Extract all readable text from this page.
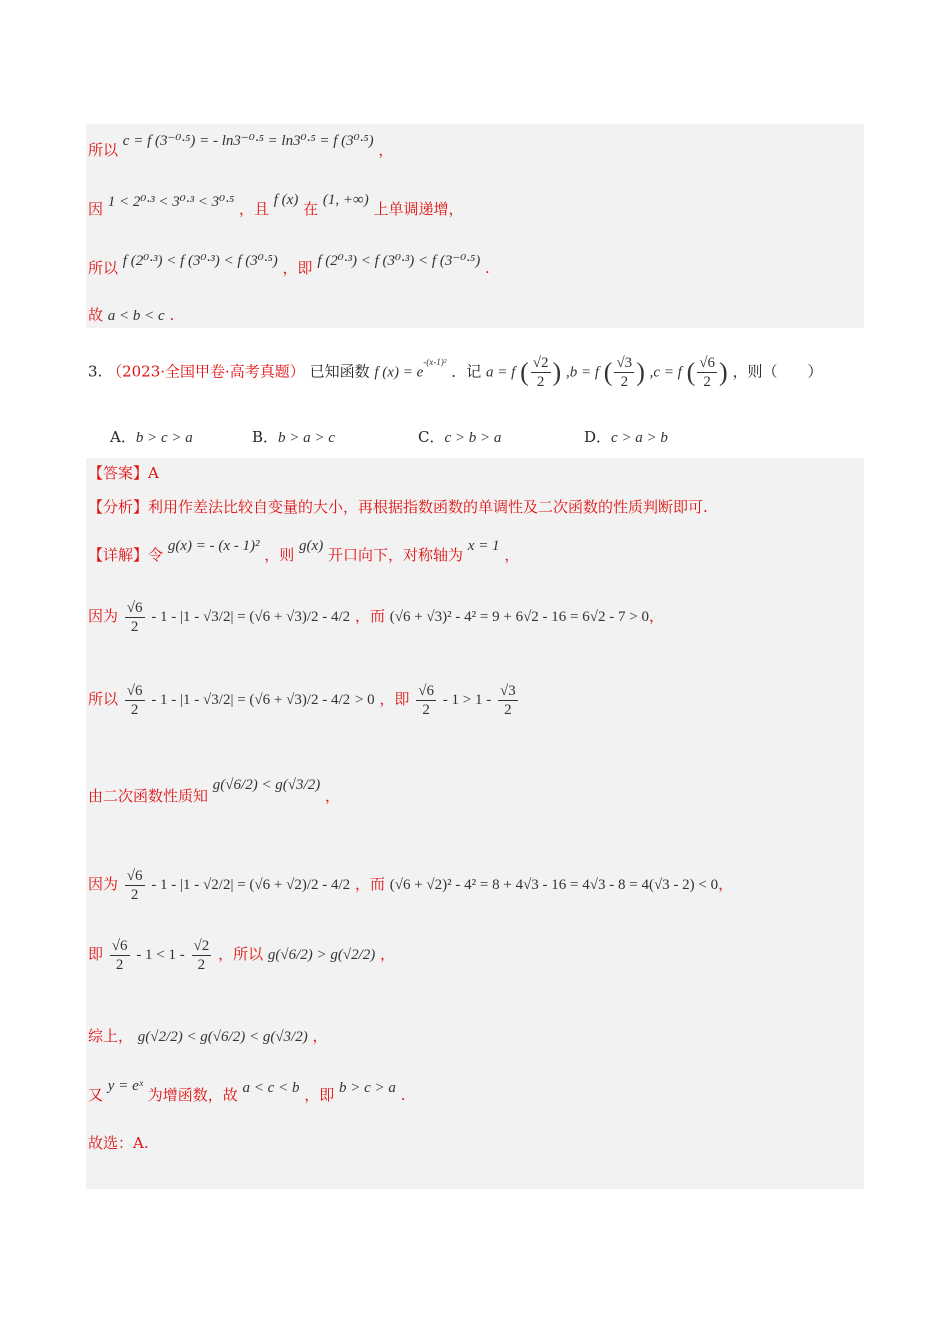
所以 c = f (3⁻⁰·⁵) = - ln3⁻⁰·⁵ = ln3⁰·⁵ = f (3⁰·⁵) ，
因 1 < 2⁰·³ < 3⁰·³ < 3⁰·⁵ ，且 f (x) 在 (1, +∞) 上单调递增，
所以 f (2⁰·³) < f (3⁰·³) < f (3⁰·⁵) ，即 f (2⁰·³) < f (3⁰·³) < f (3⁻⁰·⁵) .
故 a < b < c .
3. （2023·全国甲卷·高考真题） 已知函数 f $(x) = e^{-(x-1)^2}$ ．记 a = f ( $\frac{√2}{2}$ ) ,b = f ( $\frac{√3}{2}$ ) ,c = f ( $\frac{√6}{2}$ ) ，则（　　）
A．b > c > a	B．b > a > c	C．c > b > a	D．c > a > b
【答案】A
【分析】利用作差法比较自变量的大小，再根据指数函数的单调性及二次函数的性质判断即可.
【详解】令 g(x) = - (x - 1)² ，则 g(x) 开口向下，对称轴为 x = 1 ，
因为 $\frac{√6}{2} - 1 - |1 - √3/2| = (√6 + √3)/2 - 4/2$ ，而 (√6 + √3)² - 4² = 9 + 6√2 - 16 = 6√2 - 7 > 0，
所以 $\frac{√6}{2} - 1 - |1 - √3/2| = (√6 + √3)/2 - 4/2 > 0$ ，即 $\frac{√6}{2} - 1 > 1 - \frac{√3}{2}$
由二次函数性质知 g(√6/2) < g(√3/2) ，
因为 $\frac{√6}{2} - 1 - |1 - √2/2| = (√6 + √2)/2 - 4/2$ ，而 (√6 + √2)² - 4² = 8 + 4√3 - 16 = 4√3 - 8 = 4(√3 - 2) < 0，
即 $\frac{√6}{2} - 1 < 1 - \frac{√2}{2}$ ，所以 g(√6/2) > g(√2/2) ，
综上， g(√2/2) < g(√6/2) < g(√3/2) ，
又 y = eˣ 为增函数，故 a < c < b ，即 b > c > a .
故选：A.
